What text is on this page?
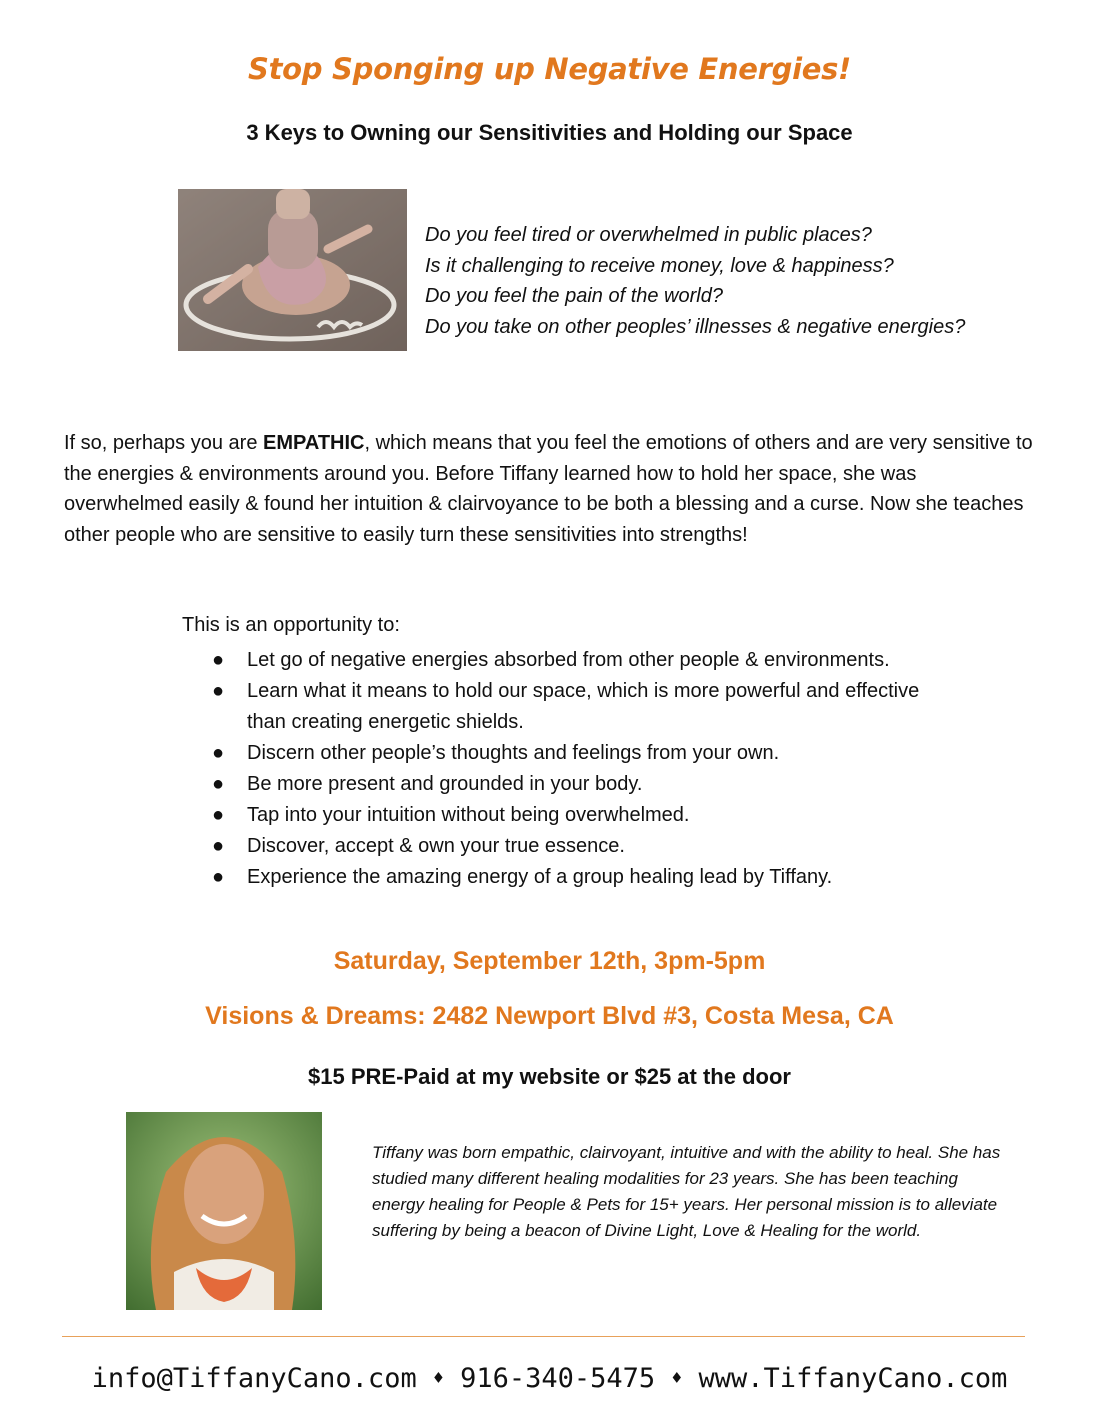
Stop Sponging up Negative Energies!
3 Keys to Owning our Sensitivities and Holding our Space
Do you feel tired or overwhelmed in public places?
Is it challenging to receive money, love & happiness?
Do you feel the pain of the world?
Do you take on other peoples’ illnesses & negative energies?
If so, perhaps you are EMPATHIC, which means that you feel the emotions of others and are very sensitive to the energies & environments around you. Before Tiffany learned how to hold her space, she was overwhelmed easily & found her intuition & clairvoyance to be both a blessing and a curse. Now she teaches other people who are sensitive to easily turn these sensitivities into strengths!
This is an opportunity to:
●	Let go of negative energies absorbed from other people & environments.
●	Learn what it means to hold our space, which is more powerful and effective than creating energetic shields.
●	Discern other people’s thoughts and feelings from your own.
●	Be more present and grounded in your body.
●	Tap into your intuition without being overwhelmed.
●	Discover, accept & own your true essence.
●	Experience the amazing energy of a group healing lead by Tiffany.
Saturday, September 12th, 3pm-5pm
Visions & Dreams: 2482 Newport Blvd #3, Costa Mesa, CA
$15 PRE-Paid at my website or $25 at the door
Tiffany was born empathic, clairvoyant, intuitive and with the ability to heal. She has studied many different healing modalities for 23 years. She has been teaching energy healing for People & Pets for 15+ years. Her personal mission is to alleviate suffering by being a beacon of Divine Light, Love & Healing for the world.
info@TiffanyCano.com ♦ 916-340-5475 ♦ www.TiffanyCano.com
